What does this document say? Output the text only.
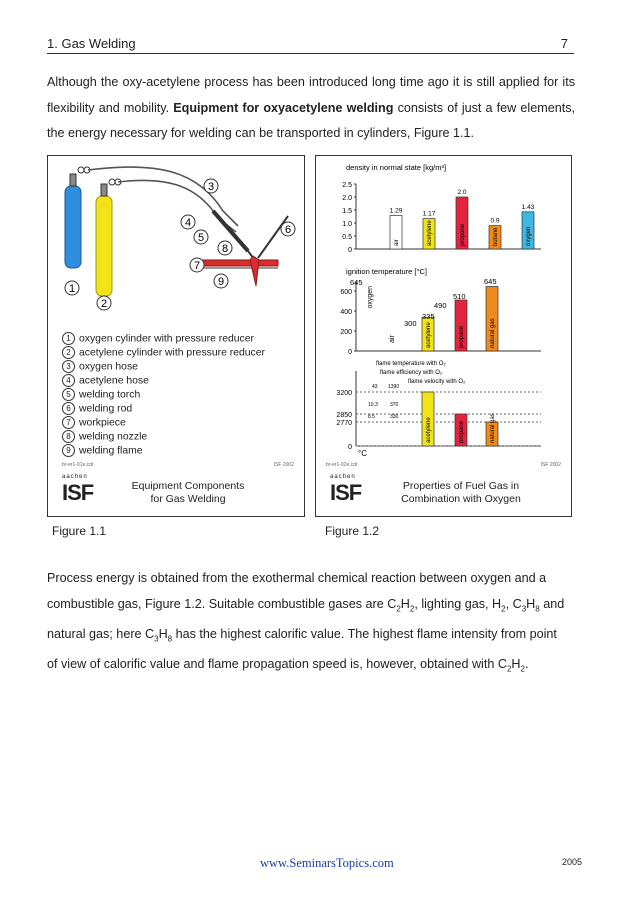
1. Gas Welding	7
Although the oxy-acetylene process has been introduced long time ago it is still applied for its flexibility and mobility. Equipment for oxyacetylene welding consists of just a few elements, the energy necessary for welding can be transported in cylinders, Figure 1.1.
3
4
5
6
8
7
9
1
2
1 oxygen cylinder with pressure reducer
2 acetylene cylinder with pressure reducer
3 oxygen hose
4 acetylene hose
5 welding torch
6 welding rod
7 workpiece
8 welding nozzle
9 welding flame
br-er1-01e.cdr	ISF 2002
aachen
ISF	Equipment Components
for Gas Welding
Figure 1.1
density in normal state [kg/m³]
2.5
2.0
1.5
1.0
0.5
0
1.29
air
1.17
acetylene
2.0
propane
0.9
butane
1.43
oxygen
ignition temperature [°C]
600
400
200
0
oxygen
air	acetylene	propane	natural gas
645
300
335
490
510
645
flame temperature with O₂
flame efficiency with O₂
flame velocity with O₂
3200
2850
2770
0
acetylene	propane	natural gas
43 1390
10.3 370
8.5	330
°C
br-er1-02e.cdr	ISF 2002
aachen
ISF	Properties of Fuel Gas in
Combination with Oxygen
Figure 1.2
Process energy is obtained from the exothermal chemical reaction between oxygen and a
combustible gas, Figure 1.2. Suitable combustible gases are $C_2H_2$, lighting gas, $H_2$, $C_3H_8$ and
natural gas; here $C_3H_8$ has the highest calorific value. The highest flame intensity from point
of view of calorific value and flame propagation speed is, however, obtained with $C_2H_2$.
www.SeminarsTopics.com	2005
